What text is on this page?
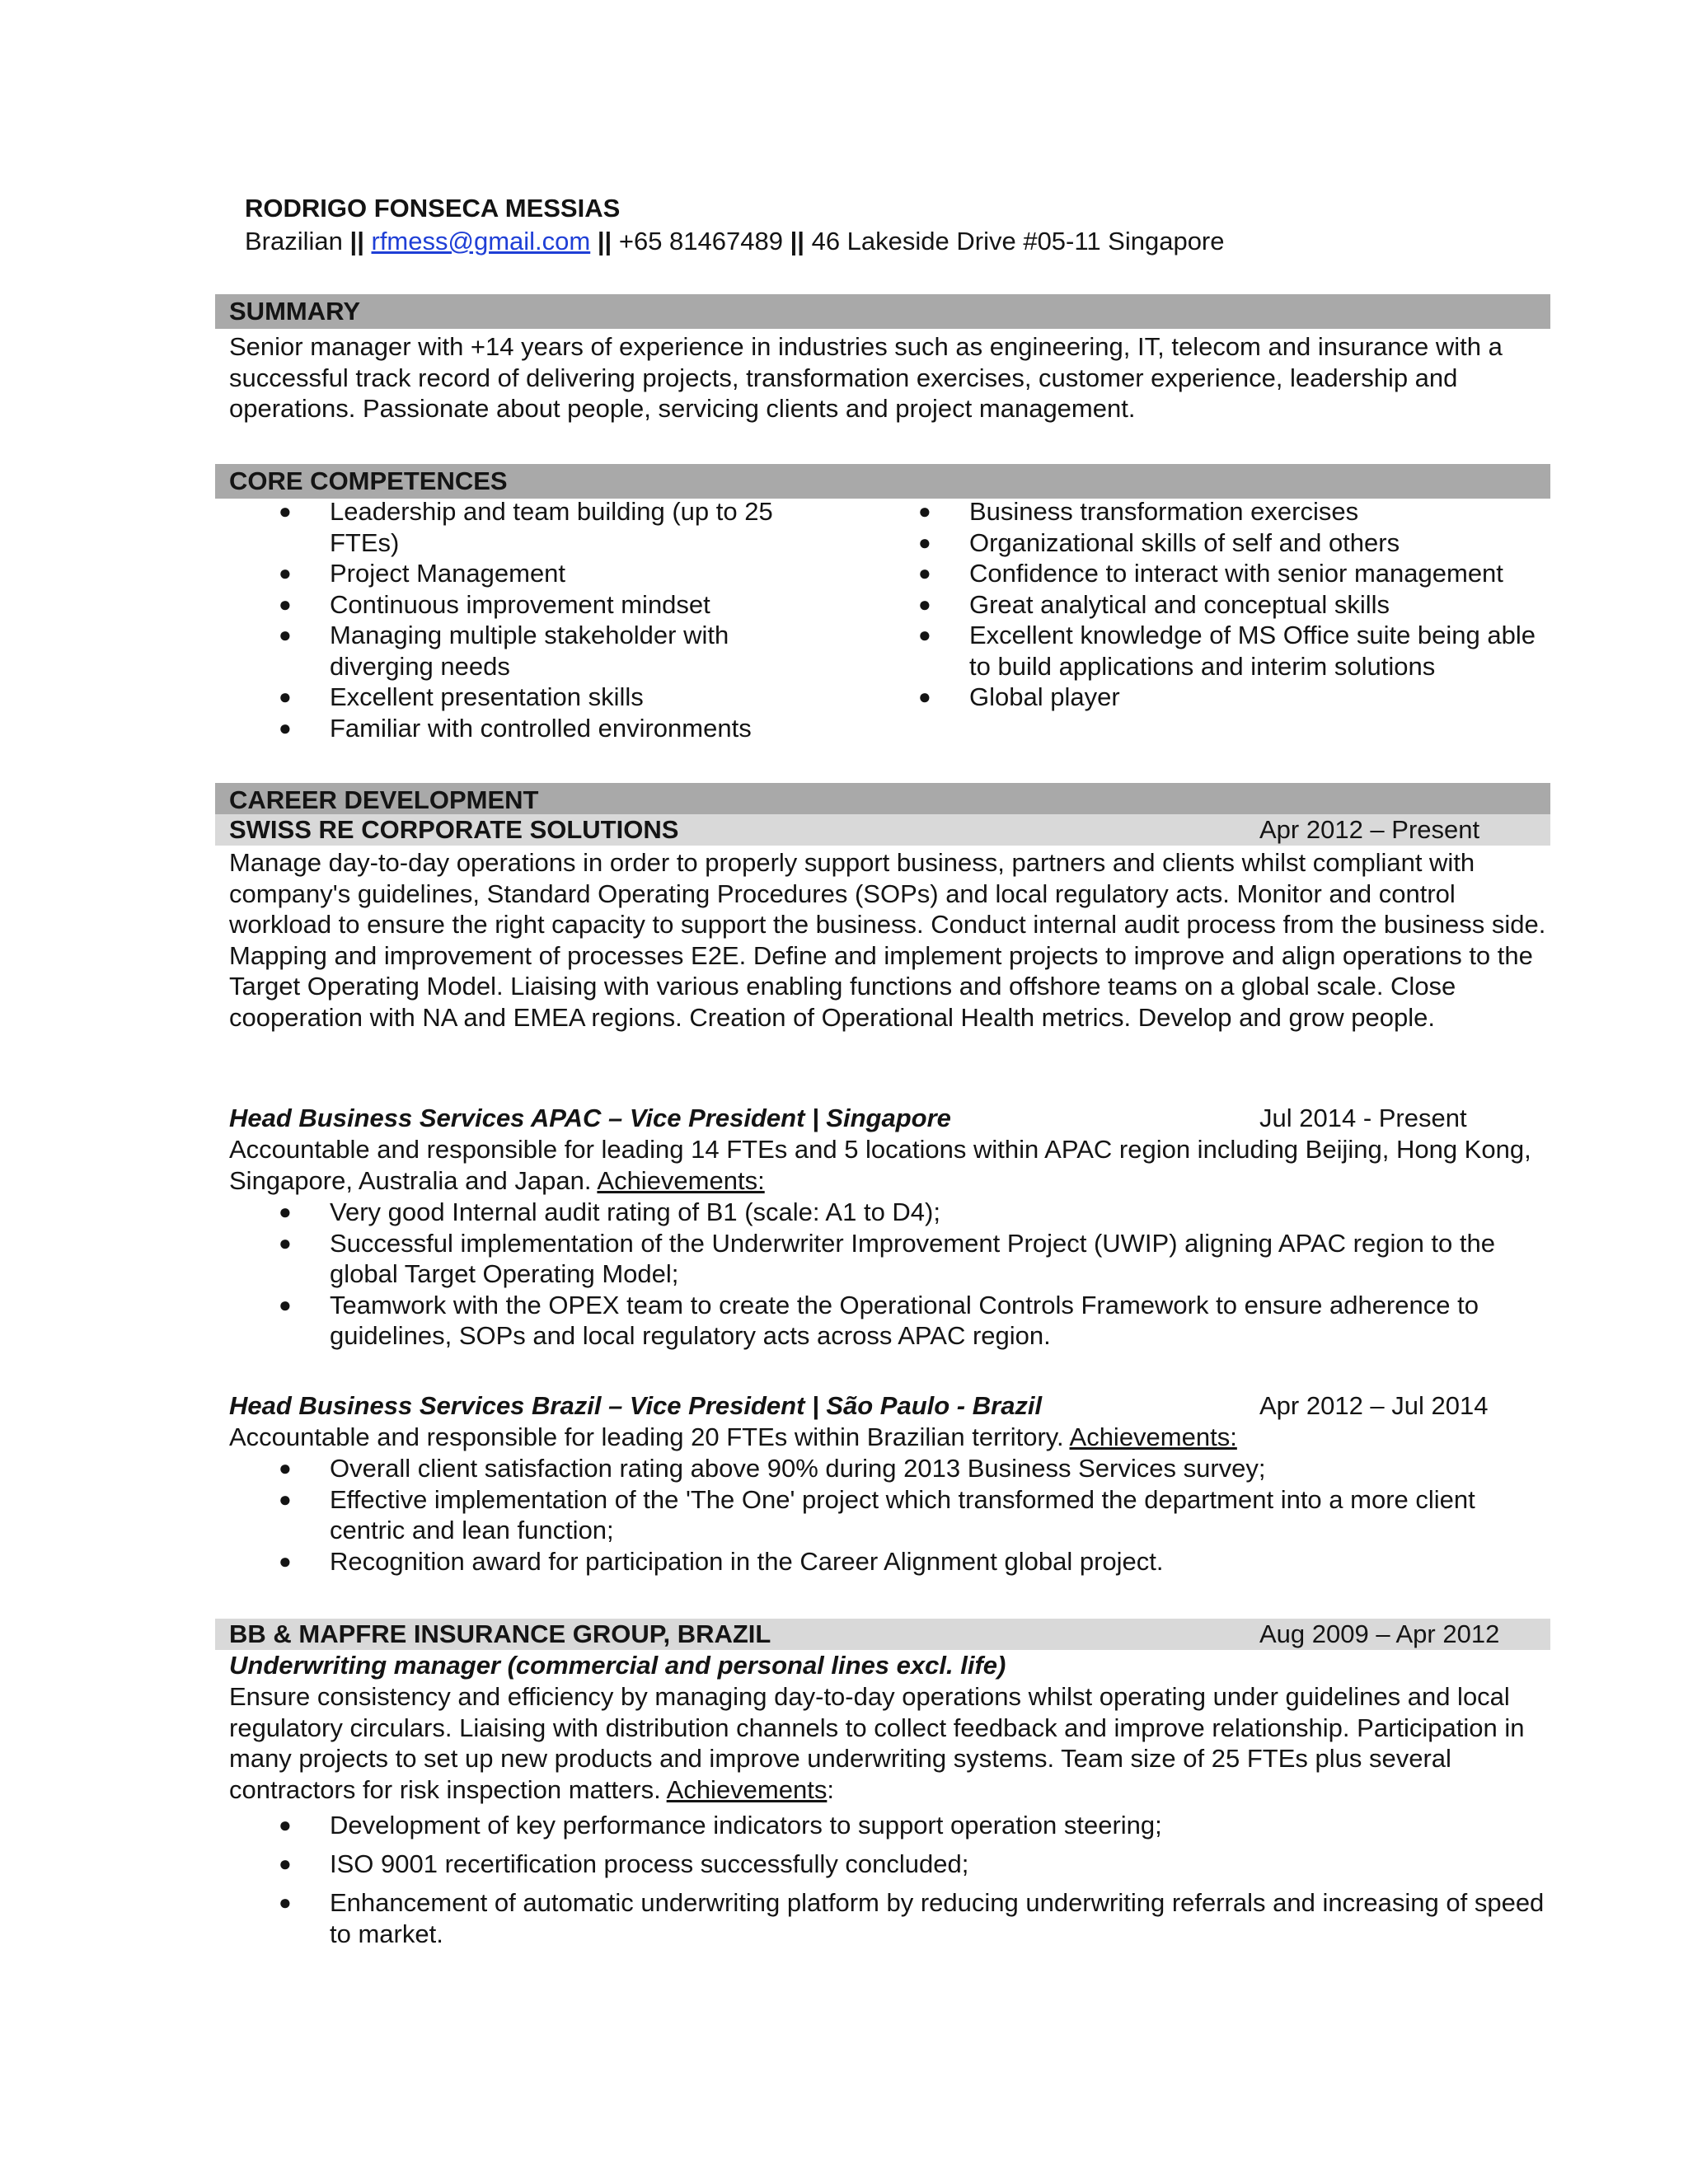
RODRIGO FONSECA MESSIAS
Brazilian || rfmess@gmail.com || +65 81467489 || 46 Lakeside Drive #05-11 Singapore
SUMMARY
Senior manager with +14 years of experience in industries such as engineering, IT, telecom and insurance with a successful track record of delivering projects, transformation exercises, customer experience, leadership and operations. Passionate about people, servicing clients and project management.
CORE COMPETENCES
● Leadership and team building (up to 25 FTEs)
● Project Management
● Continuous improvement mindset
● Managing multiple stakeholder with diverging needs
● Excellent presentation skills
● Familiar with controlled environments
● Business transformation exercises
● Organizational skills of self and others
● Confidence to interact with senior management
● Great analytical and conceptual skills
● Excellent knowledge of MS Office suite being able to build applications and interim solutions
● Global player
CAREER DEVELOPMENT
SWISS RE CORPORATE SOLUTIONS	Apr 2012 – Present
Manage day-to-day operations in order to properly support business, partners and clients whilst compliant with company's guidelines, Standard Operating Procedures (SOPs) and local regulatory acts. Monitor and control workload to ensure the right capacity to support the business. Conduct internal audit process from the business side. Mapping and improvement of processes E2E. Define and implement projects to improve and align operations to the Target Operating Model. Liaising with various enabling functions and offshore teams on a global scale. Close cooperation with NA and EMEA regions. Creation of Operational Health metrics. Develop and grow people.
Head Business Services APAC – Vice President | Singapore	Jul 2014 - Present
Accountable and responsible for leading 14 FTEs and 5 locations within APAC region including Beijing, Hong Kong, Singapore, Australia and Japan. Achievements:
● Very good Internal audit rating of B1 (scale: A1 to D4);
● Successful implementation of the Underwriter Improvement Project (UWIP) aligning APAC region to the global Target Operating Model;
● Teamwork with the OPEX team to create the Operational Controls Framework to ensure adherence to guidelines, SOPs and local regulatory acts across APAC region.
Head Business Services Brazil – Vice President | São Paulo - Brazil	Apr 2012 – Jul 2014
Accountable and responsible for leading 20 FTEs within Brazilian territory. Achievements:
● Overall client satisfaction rating above 90% during 2013 Business Services survey;
● Effective implementation of the 'The One' project which transformed the department into a more client centric and lean function;
● Recognition award for participation in the Career Alignment global project.
BB & MAPFRE INSURANCE GROUP, BRAZIL	Aug 2009 – Apr 2012
Underwriting manager (commercial and personal lines excl. life)
Ensure consistency and efficiency by managing day-to-day operations whilst operating under guidelines and local regulatory circulars. Liaising with distribution channels to collect feedback and improve relationship. Participation in many projects to set up new products and improve underwriting systems. Team size of 25 FTEs plus several contractors for risk inspection matters. Achievements:
● Development of key performance indicators to support operation steering;
● ISO 9001 recertification process successfully concluded;
● Enhancement of automatic underwriting platform by reducing underwriting referrals and increasing of speed to market.
